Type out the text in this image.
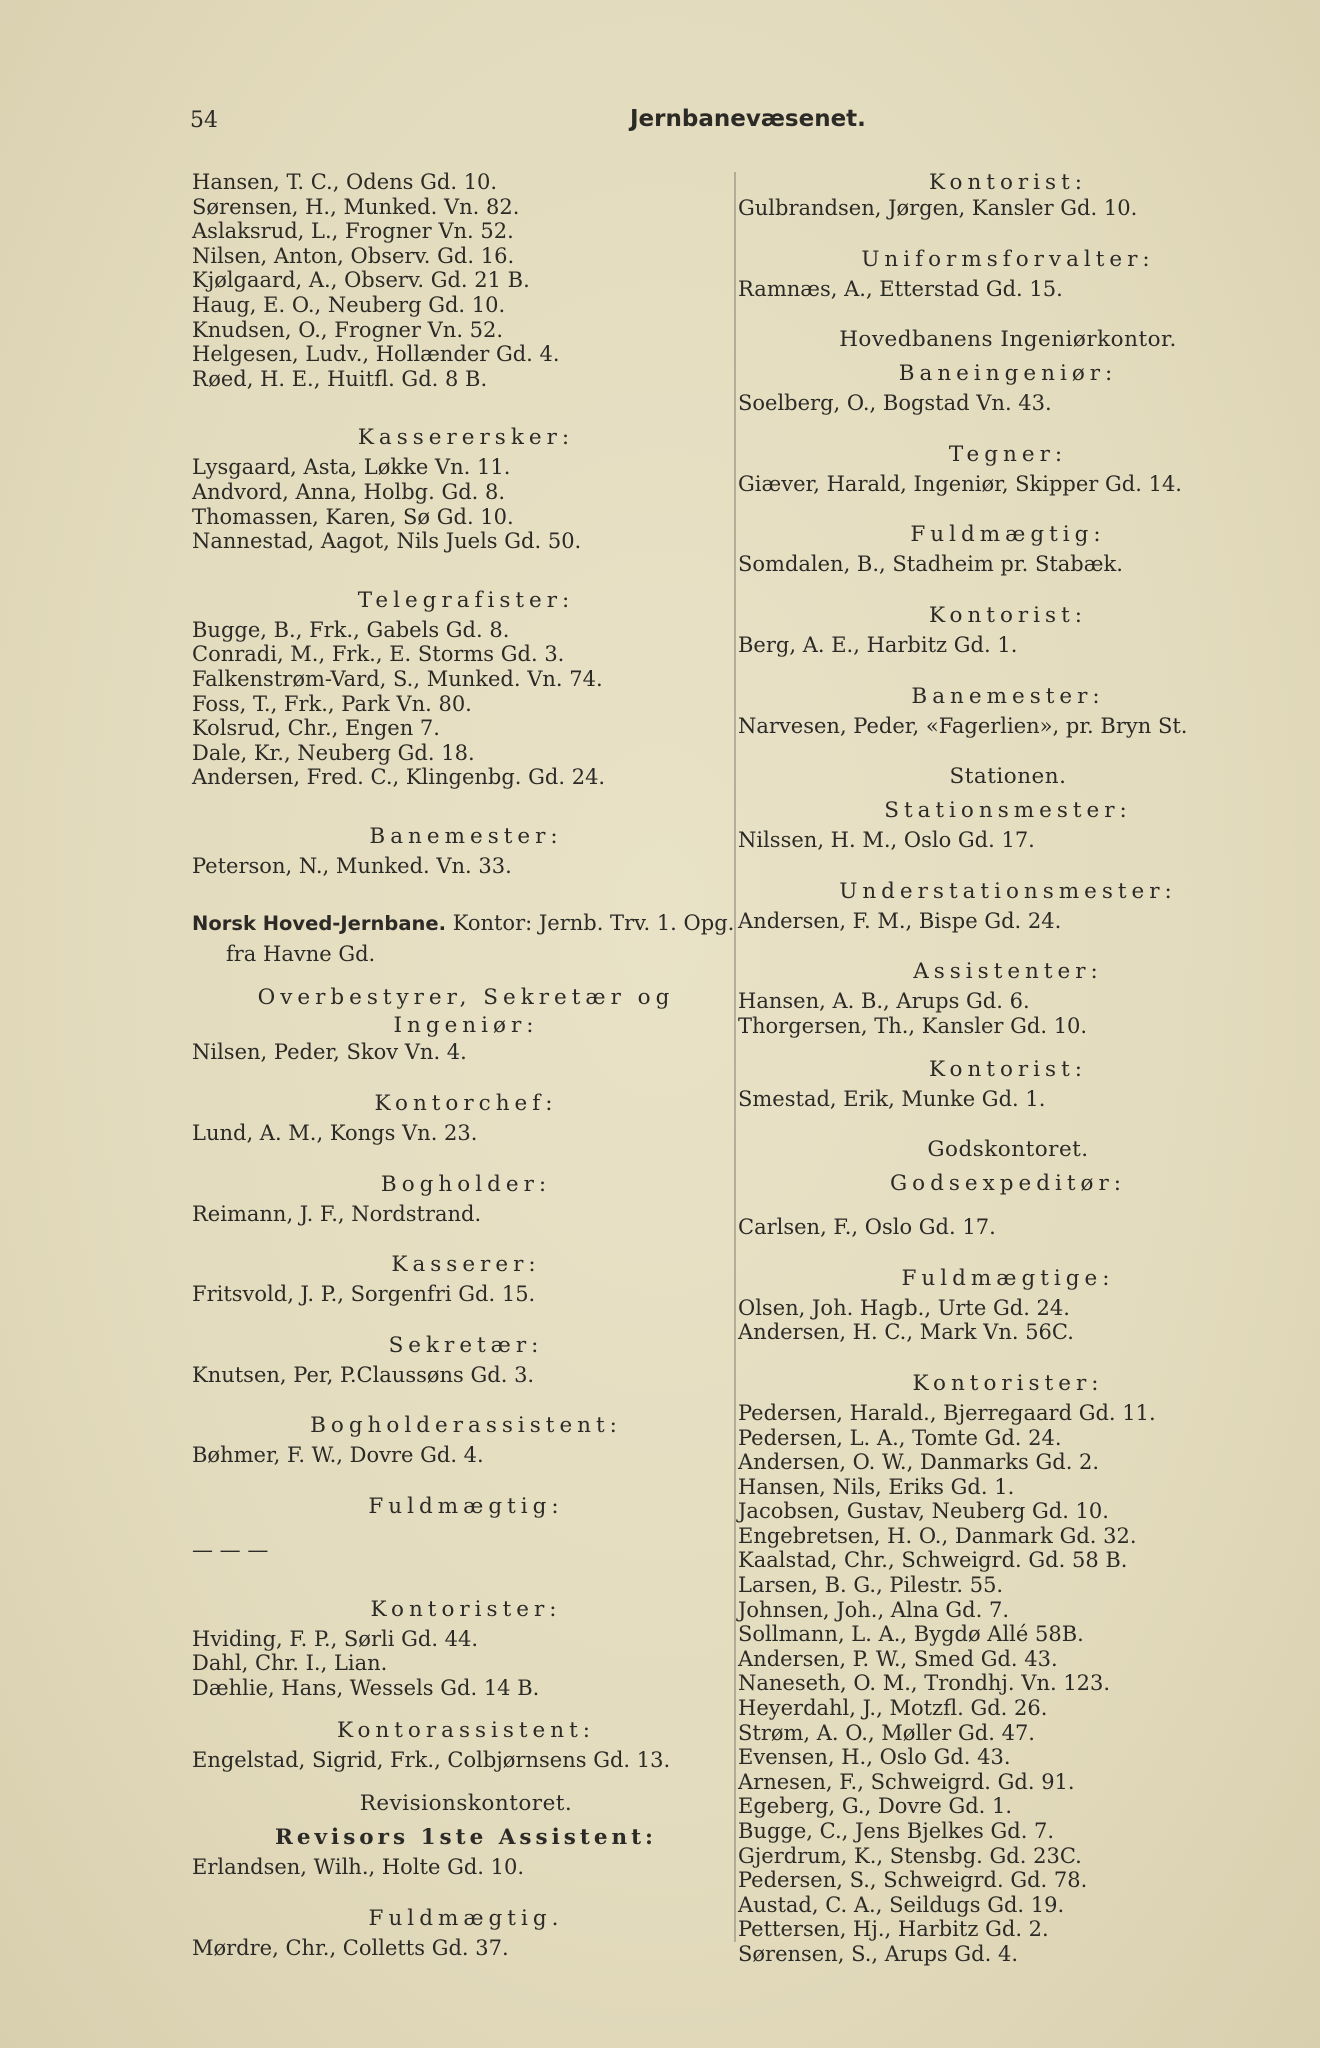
54	Jernbanevæsenet.
Hansen, T. C., Odens Gd. 10.
Sørensen, H., Munked. Vn. 82.
Aslaksrud, L., Frogner Vn. 52.
Nilsen, Anton, Observ. Gd. 16.
Kjølgaard, A., Observ. Gd. 21 B.
Haug, E. O., Neuberg Gd. 10.
Knudsen, O., Frogner Vn. 52.
Helgesen, Ludv., Hollænder Gd. 4.
Røed, H. E., Huitfl. Gd. 8 B.
Kasserersker:
Lysgaard, Asta, Løkke Vn. 11.
Andvord, Anna, Holbg. Gd. 8.
Thomassen, Karen, Sø Gd. 10.
Nannestad, Aagot, Nils Juels Gd. 50.
Telegrafister:
Bugge, B., Frk., Gabels Gd. 8.
Conradi, M., Frk., E. Storms Gd. 3.
Falkenstrøm-Vard, S., Munked. Vn. 74.
Foss, T., Frk., Park Vn. 80.
Kolsrud, Chr., Engen 7.
Dale, Kr., Neuberg Gd. 18.
Andersen, Fred. C., Klingenbg. Gd. 24.
Banemester:
Peterson, N., Munked. Vn. 33.
Norsk Hoved-Jernbane. Kontor: Jernb. Trv. 1. Opg. fra Havne Gd.
Overbestyrer, Sekretær og
Ingeniør:
Nilsen, Peder, Skov Vn. 4.
Kontorchef:
Lund, A. M., Kongs Vn. 23.
Bogholder:
Reimann, J. F., Nordstrand.
Kasserer:
Fritsvold, J. P., Sorgenfri Gd. 15.
Sekretær:
Knutsen, Per, P.Claussøns Gd. 3.
Bogholderassistent:
Bøhmer, F. W., Dovre Gd. 4.
Fuldmægtig:
— — —
Kontorister:
Hviding, F. P., Sørli Gd. 44.
Dahl, Chr. I., Lian.
Dæhlie, Hans, Wessels Gd. 14 B.
Kontorassistent:
Engelstad, Sigrid, Frk., Colbjørnsens Gd. 13.
Revisionskontoret.
Revisors 1ste Assistent:
Erlandsen, Wilh., Holte Gd. 10.
Fuldmægtig.
Mørdre, Chr., Colletts Gd. 37.
Kontorist:
Gulbrandsen, Jørgen, Kansler Gd. 10.
Uniformsforvalter:
Ramnæs, A., Etterstad Gd. 15.
Hovedbanens Ingeniørkontor.
Baneingeniør:
Soelberg, O., Bogstad Vn. 43.
Tegner:
Giæver, Harald, Ingeniør, Skipper Gd. 14.
Fuldmægtig:
Somdalen, B., Stadheim pr. Stabæk.
Kontorist:
Berg, A. E., Harbitz Gd. 1.
Banemester:
Narvesen, Peder, «Fagerlien», pr. Bryn St.
Stationen.
Stationsmester:
Nilssen, H. M., Oslo Gd. 17.
Understationsmester:
Andersen, F. M., Bispe Gd. 24.
Assistenter:
Hansen, A. B., Arups Gd. 6.
Thorgersen, Th., Kansler Gd. 10.
Kontorist:
Smestad, Erik, Munke Gd. 1.
Godskontoret.
Godsexpeditør:
Carlsen, F., Oslo Gd. 17.
Fuldmægtige:
Olsen, Joh. Hagb., Urte Gd. 24.
Andersen, H. C., Mark Vn. 56C.
Kontorister:
Pedersen, Harald., Bjerregaard Gd. 11.
Pedersen, L. A., Tomte Gd. 24.
Andersen, O. W., Danmarks Gd. 2.
Hansen, Nils, Eriks Gd. 1.
Jacobsen, Gustav, Neuberg Gd. 10.
Engebretsen, H. O., Danmark Gd. 32.
Kaalstad, Chr., Schweigrd. Gd. 58 B.
Larsen, B. G., Pilestr. 55.
Johnsen, Joh., Alna Gd. 7.
Sollmann, L. A., Bygdø Allé 58B.
Andersen, P. W., Smed Gd. 43.
Naneseth, O. M., Trondhj. Vn. 123.
Heyerdahl, J., Motzfl. Gd. 26.
Strøm, A. O., Møller Gd. 47.
Evensen, H., Oslo Gd. 43.
Arnesen, F., Schweigrd. Gd. 91.
Egeberg, G., Dovre Gd. 1.
Bugge, C., Jens Bjelkes Gd. 7.
Gjerdrum, K., Stensbg. Gd. 23C.
Pedersen, S., Schweigrd. Gd. 78.
Austad, C. A., Seildugs Gd. 19.
Pettersen, Hj., Harbitz Gd. 2.
Sørensen, S., Arups Gd. 4.
